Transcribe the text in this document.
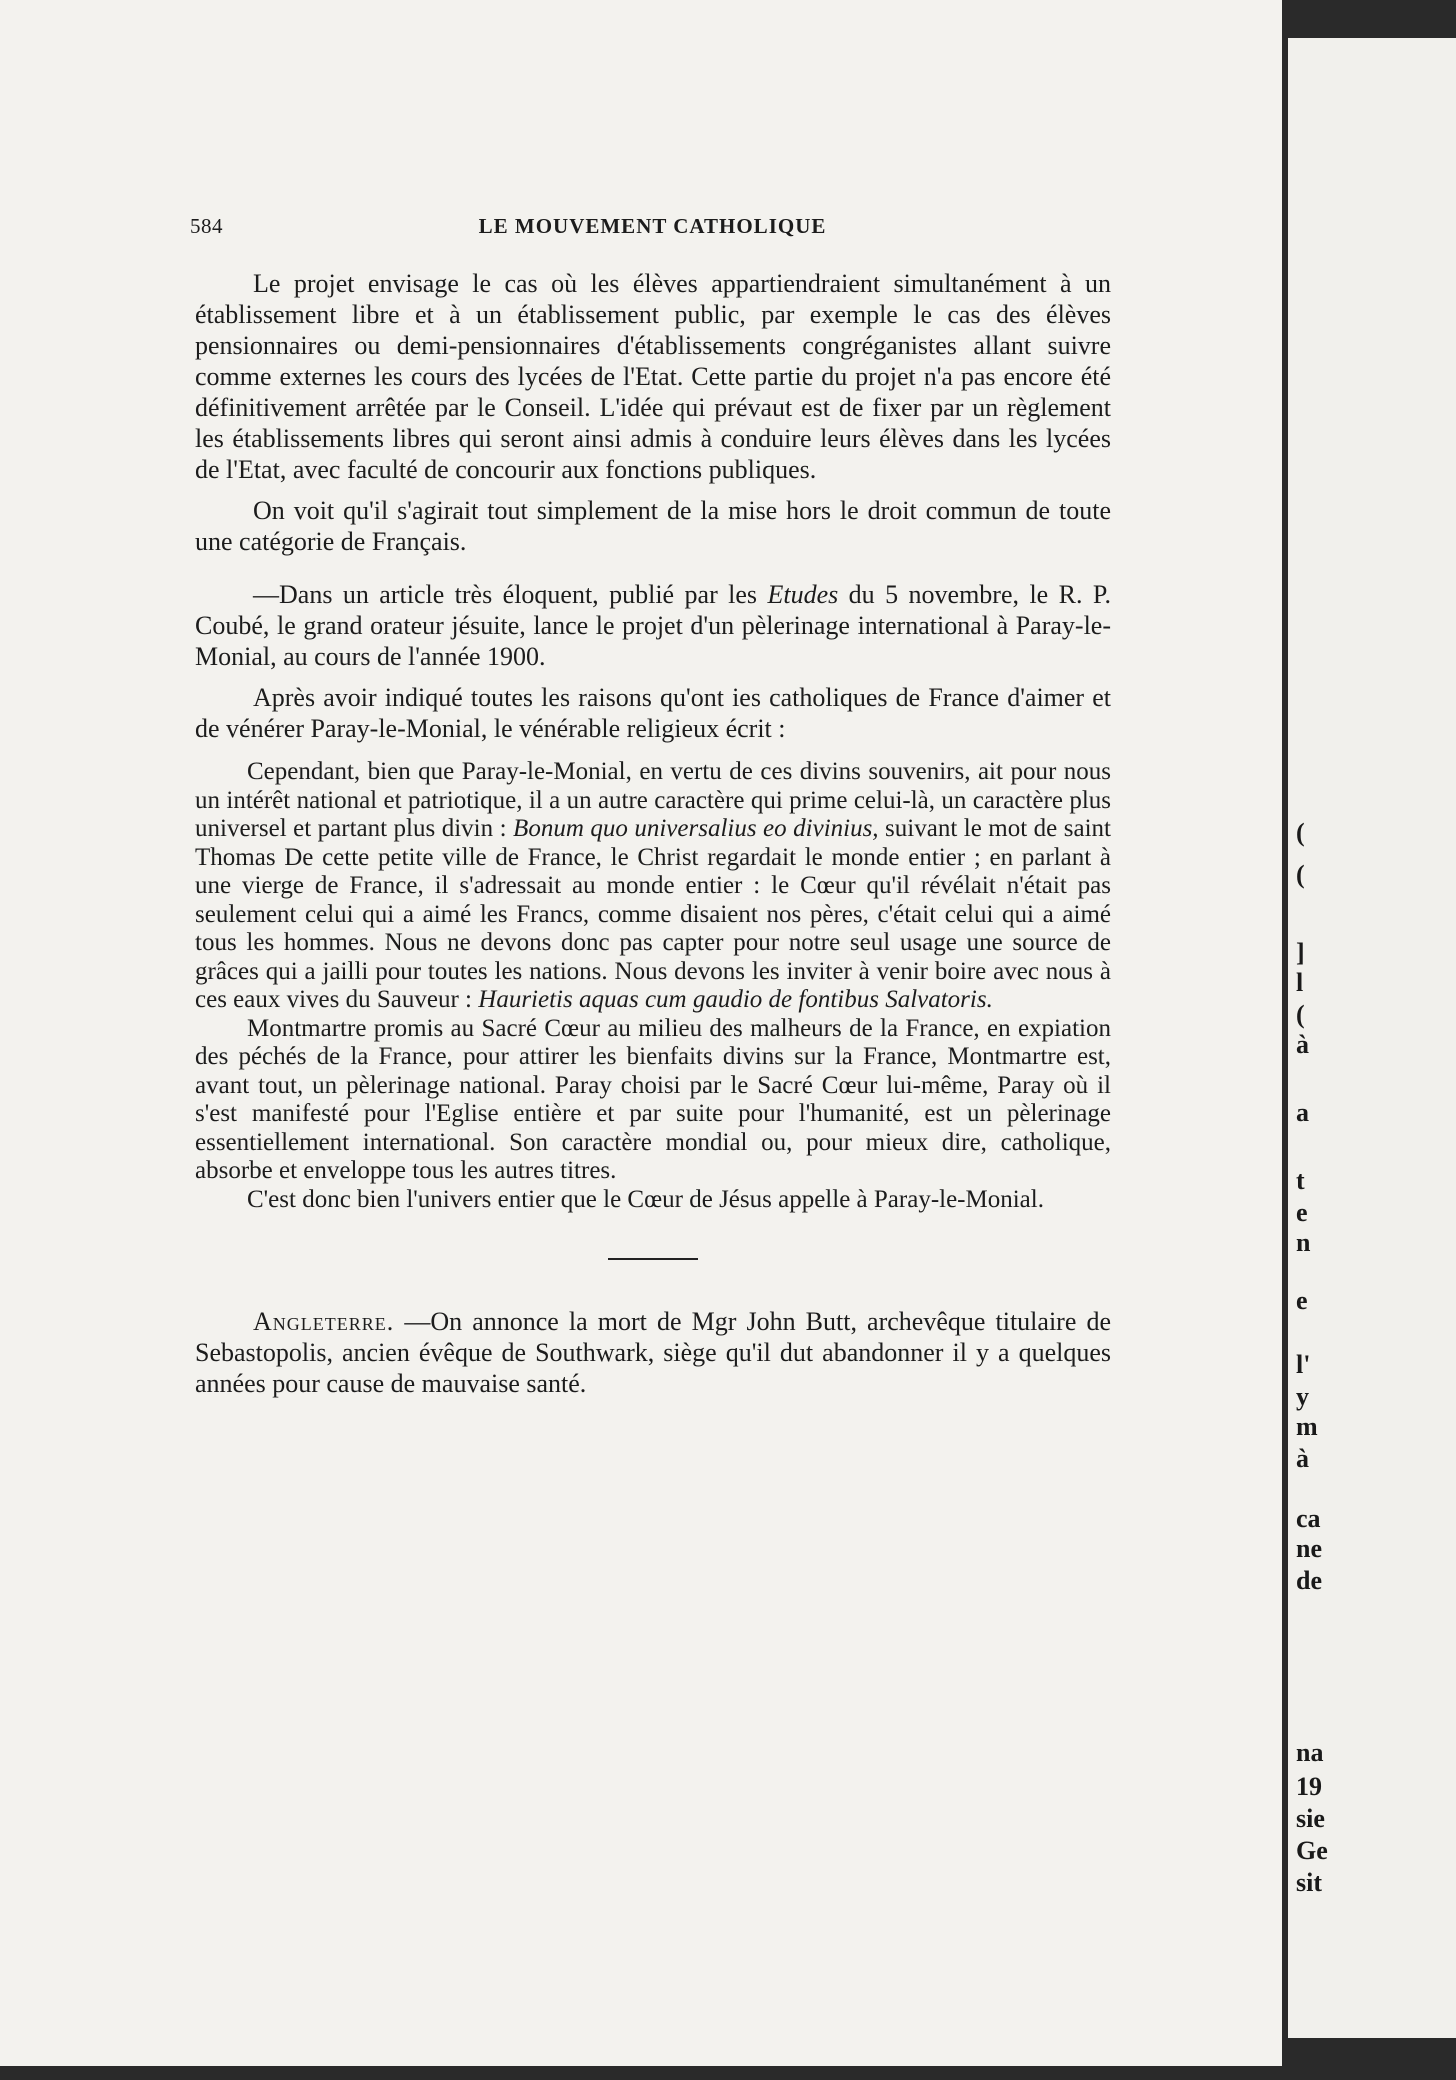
584	LE MOUVEMENT CATHOLIQUE

Le projet envisage le cas où les élèves appartiendraient simultanément à un établissement libre et à un établissement public, par exemple le cas des élèves pensionnaires ou demi-pensionnaires d'établissements congréganistes allant suivre comme externes les cours des lycées de l'Etat. Cette partie du projet n'a pas encore été définitivement arrêtée par le Conseil. L'idée qui prévaut est de fixer par un règlement les établissements libres qui seront ainsi admis à conduire leurs élèves dans les lycées de l'Etat, avec faculté de concourir aux fonctions publiques.

On voit qu'il s'agirait tout simplement de la mise hors le droit commun de toute une catégorie de Français.

—Dans un article très éloquent, publié par les Etudes du 5 novembre, le R. P. Coubé, le grand orateur jésuite, lance le projet d'un pèlerinage international à Paray-le-Monial, au cours de l'année 1900.

Après avoir indiqué toutes les raisons qu'ont ies catholiques de France d'aimer et de vénérer Paray-le-Monial, le vénérable religieux écrit :

Cependant, bien que Paray-le-Monial, en vertu de ces divins souvenirs, ait pour nous un intérêt national et patriotique, il a un autre caractère qui prime celui-là, un caractère plus universel et partant plus divin : Bonum quo universalius eo divinius, suivant le mot de saint Thomas De cette petite ville de France, le Christ regardait le monde entier ; en parlant à une vierge de France, il s'adressait au monde entier : le Cœur qu'il révélait n'était pas seulement celui qui a aimé les Francs, comme disaient nos pères, c'était celui qui a aimé tous les hommes. Nous ne devons donc pas capter pour notre seul usage une source de grâces qui a jailli pour toutes les nations. Nous devons les inviter à venir boire avec nous à ces eaux vives du Sauveur : Haurietis aquas cum gaudio de fontibus Salvatoris.

Montmartre promis au Sacré Cœur au milieu des malheurs de la France, en expiation des péchés de la France, pour attirer les bienfaits divins sur la France, Montmartre est, avant tout, un pèlerinage national. Paray choisi par le Sacré Cœur lui-même, Paray où il s'est manifesté pour l'Eglise entière et par suite pour l'humanité, est un pèlerinage essentiellement international. Son caractère mondial ou, pour mieux dire, catholique, absorbe et enveloppe tous les autres titres.

C'est donc bien l'univers entier que le Cœur de Jésus appelle à Paray-le-Monial.

Angleterre. —On annonce la mort de Mgr John Butt, archevêque titulaire de Sebastopolis, ancien évêque de Southwark, siège qu'il dut abandonner il y a quelques années pour cause de mauvaise santé.

(
(
]
l
(
à
a
t
e
n
e
l'
y
m
à
ca
ne
de
na
19
sie
Ge
sit
